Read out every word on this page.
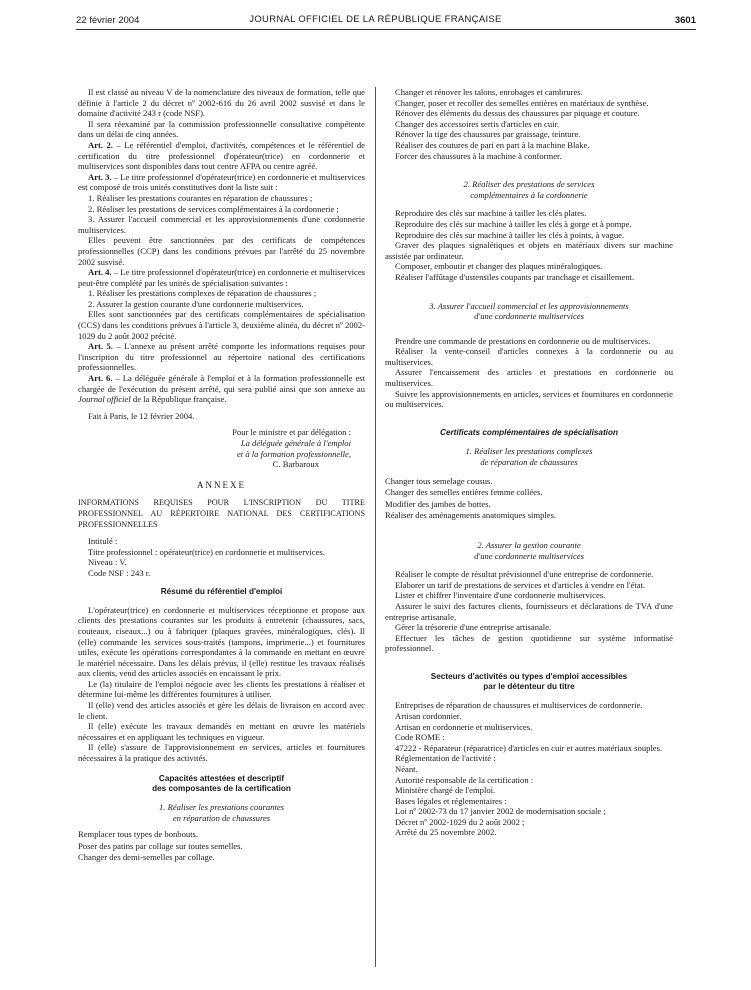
22 février 2004	JOURNAL OFFICIEL DE LA RÉPUBLIQUE FRANÇAISE	3601

Il est classé au niveau V de la nomenclature des niveaux de formation, telle que définie à l'article 2 du décret nº 2002-616 du 26 avril 2002 susvisé et dans le domaine d'activité 243 r (code NSF).

Il sera réexaminé par la commission professionnelle consultative compétente dans un délai de cinq années.

Art. 2. – Le référentiel d'emploi, d'activités, compétences et le référentiel de certification du titre professionnel d'opérateur(trice) en cordonnerie et multiservices sont disponibles dans tout centre AFPA ou centre agréé.

Art. 3. – Le titre professionnel d'opérateur(trice) en cordonnerie et multiservices est composé de trois unités constitutives dont la liste suit :

1. Réaliser les prestations courantes en réparation de chaussures ;

2. Réaliser les prestations de services complémentaires à la cordonnerie ;

3. Assurer l'accueil commercial et les approvisionnements d'une cordonnerie multiservices.

Elles peuvent être sanctionnées par des certificats de compétences professionnelles (CCP) dans les conditions prévues par l'arrêté du 25 novembre 2002 susvisé.

Art. 4. – Le titre professionnel d'opérateur(trice) en cordonnerie et multiservices peut-être complété par les unités de spécialisation suivantes :

1. Réaliser les prestations complexes de réparation de chaussures ;

2. Assurer la gestion courante d'une cordonnerie multiservices.

Elles sont sanctionnées par des certificats complémentaires de spécialisation (CCS) dans les conditions prévues à l'article 3, deuxième alinéa, du décret nº 2002-1029 du 2 août 2002 précité.

Art. 5. – L'annexe au présent arrêté comporte les informations requises pour l'inscription du titre professionnel au répertoire national des certifications professionnelles.

Art. 6. – La déléguée générale à l'emploi et à la formation professionnelle est chargée de l'exécution du présent arrêté, qui sera publié ainsi que son annexe au Journal officiel de la République française.

Fait à Paris, le 12 février 2004.

Pour le ministre et par délégation :

La déléguée générale à l'emploi

et à la formation professionnelle,

C. Barbaroux

ANNEXE

INFORMATIONS REQUISES POUR L'INSCRIPTION DU TITRE PROFESSIONNEL AU RÉPERTOIRE NATIONAL DES CERTIFICATIONS PROFESSIONNELLES

Intitulé :

Titre professionnel : opérateur(trice) en cordonnerie et multiservices.

Niveau : V.

Code NSF : 243 r.

Résumé du référentiel d'emploi

L'opérateur(trice) en cordonnerie et multiservices réceptionne et propose aux clients des prestations courantes sur les produits à entretenir (chaussures, sacs, couteaux, ciseaux...) ou à fabriquer (plaques gravées, minéralogiques, clés). Il (elle) commande les services sous-traités (tampons, imprimerie...) et fournitures utiles, exécute les opérations correspondantes à la commande en mettant en œuvre le matériel nécessaire. Dans les délais prévus, il (elle) restitue les travaux réalisés aux clients, vend des articles associés en encaissant le prix.

Le (la) titulaire de l'emploi négocie avec les clients les prestations à réaliser et détermine lui-même les différentes fournitures à utiliser.

Il (elle) vend des articles associés et gère les délais de livraison en accord avec le client.

Il (elle) exécute les travaux demandés en mettant en œuvre les matériels nécessaires et en appliquant les techniques en vigueur.

Il (elle) s'assure de l'approvisionnement en services, articles et fournitures nécessaires à la pratique des activités.

Capacités attestées et descriptif

des composantes de la certification

1. Réaliser les prestations courantes

en réparation de chaussures

Remplacer tous types de bonbouts.

Poser des patins par collage sur toutes semelles.

Changer des demi-semelles par collage.

Changer et rénover les talons, enrobages et cambrures.

Changer, poser et recoller des semelles entières en matériaux de synthèse.

Rénover des éléments du dessus des chaussures par piquage et couture.

Changer des accessoires sertis d'articles en cuir.

Rénover la tige des chaussures par graissage, teinture.

Réaliser des coutures de pari en part à la machine Blake.

Forcer des chaussures à la machine à conformer.

2. Réaliser des prestations de services

complémentaires à la cordonnerie

Reproduire des clés sur machine à tailler les clés plates.

Reproduire des clés sur machine à tailler les clés à gorge et à pompe.

Reproduire des clés sur machine à tailler les clés à points, à vague.

Graver des plaques signalétiques et objets en matériaux divers sur machine assistée par ordinateur.

Composer, emboutir et changer des plaques minéralogiques.

Réaliser l'affûtage d'ustensiles coupants par tranchage et cisaillement.

3. Assurer l'accueil commercial et les approvisionnements

d'une cordonnerie multiservices

Prendre une commande de prestations en cordonnerie ou de multiservices.

Réaliser la vente-conseil d'articles connexes à la cordonnerie ou au multiservices.

Assurer l'encaissement des articles et prestations en cordonnerie ou multiservices.

Suivre les approvisionnements en articles, services et fournitures en cordonnerie ou multiservices.

Certificats complémentaires de spécialisation

1. Réaliser les prestations complexes

de réparation de chaussures

Changer tous semelage cousus.

Changer des semelles entières femme collées.

Modifier des jambes de bottes.

Réaliser des aménagements anatomiques simples.

2. Assurer la gestion courante

d'une cordonnerie multiservices

Réaliser le compte de résultat prévisionnel d'une entreprise de cordonnerie.

Elaborer un tarif de prestations de services et d'articles à vendre en l'état.

Lister et chiffrer l'inventaire d'une cordonnerie multiservices.

Assurer le suivi des factures clients, fournisseurs et déclarations de TVA d'une entreprise artisanale.

Gérer la trésorerie d'une entreprise artisanale.

Effectuer les tâches de gestion quotidienne sur système informatisé professionnel.

Secteurs d'activités ou types d'emploi accessibles

par le détenteur du titre

Entreprises de réparation de chaussures et multiservices de cordonnerie.

Artisan cordonnier.

Artisan en cordonnerie et multiservices.

Code ROME :

47222 - Réparateur (réparatrice) d'articles en cuir et autres matériaux souples.

Réglementation de l'activité :

Néant.

Autorité responsable de la certification :

Ministère chargé de l'emploi.

Bases légales et réglementaires :

Loi nº 2002-73 du 17 janvier 2002 de modernisation sociale ;

Décret nº 2002-1029 du 2 août 2002 ;

Arrêté du 25 novembre 2002.
